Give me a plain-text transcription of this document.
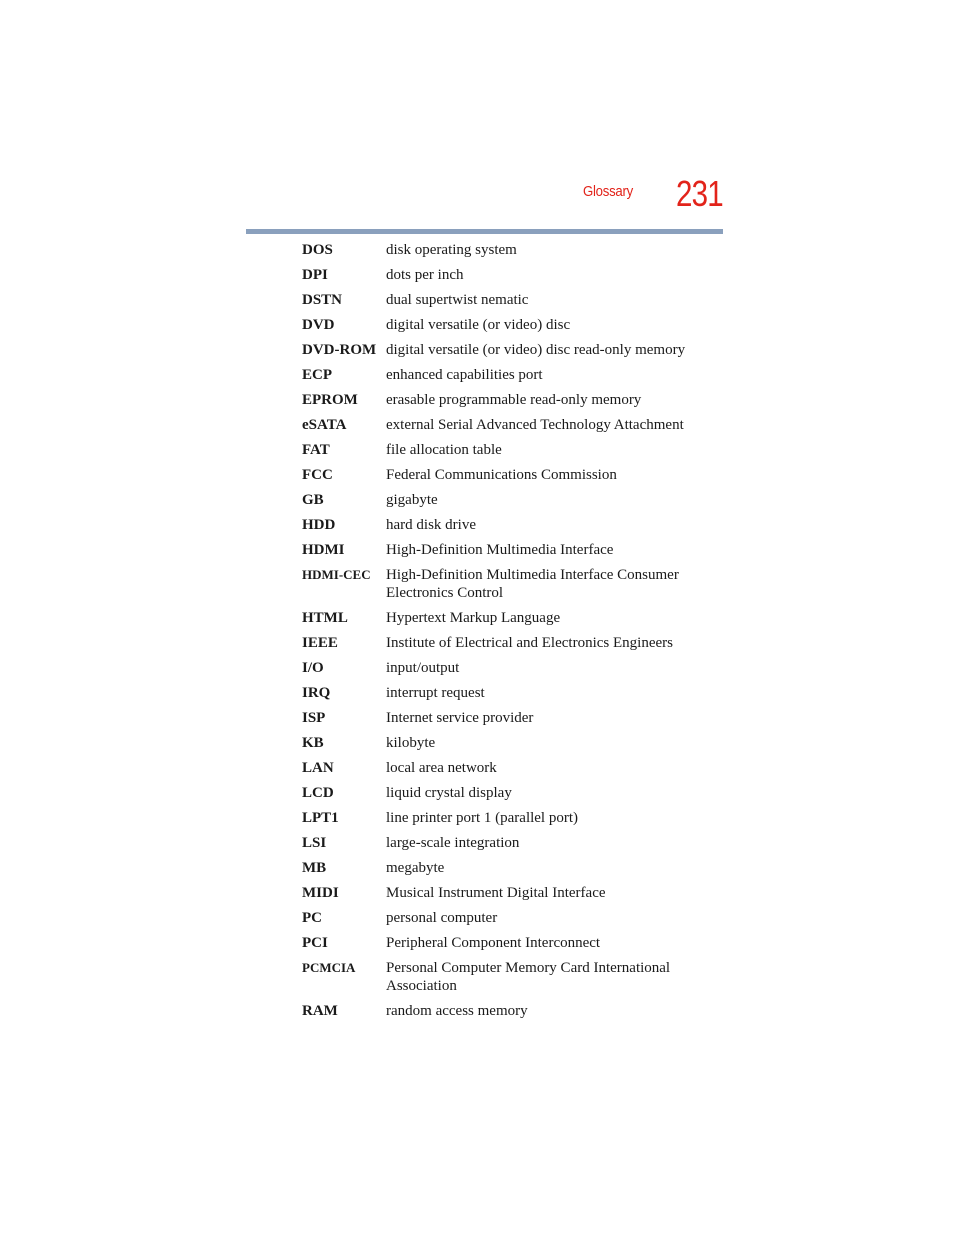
Glossary 231
DOS	disk operating system
DPI	dots per inch
DSTN	dual supertwist nematic
DVD	digital versatile (or video) disc
DVD-ROM digital versatile (or video) disc read-only memory
ECP	enhanced capabilities port
EPROM	erasable programmable read-only memory
eSATA	external Serial Advanced Technology Attachment
FAT	file allocation table
FCC	Federal Communications Commission
GB	gigabyte
HDD	hard disk drive
HDMI	High-Definition Multimedia Interface
HDMI-CEC	High-Definition Multimedia Interface Consumer Electronics Control
HTML	Hypertext Markup Language
IEEE	Institute of Electrical and Electronics Engineers
I/O	input/output
IRQ	interrupt request
ISP	Internet service provider
KB	kilobyte
LAN	local area network
LCD	liquid crystal display
LPT1	line printer port 1 (parallel port)
LSI	large-scale integration
MB	megabyte
MIDI	Musical Instrument Digital Interface
PC	personal computer
PCI	Peripheral Component Interconnect
PCMCIA	Personal Computer Memory Card International Association
RAM	random access memory
